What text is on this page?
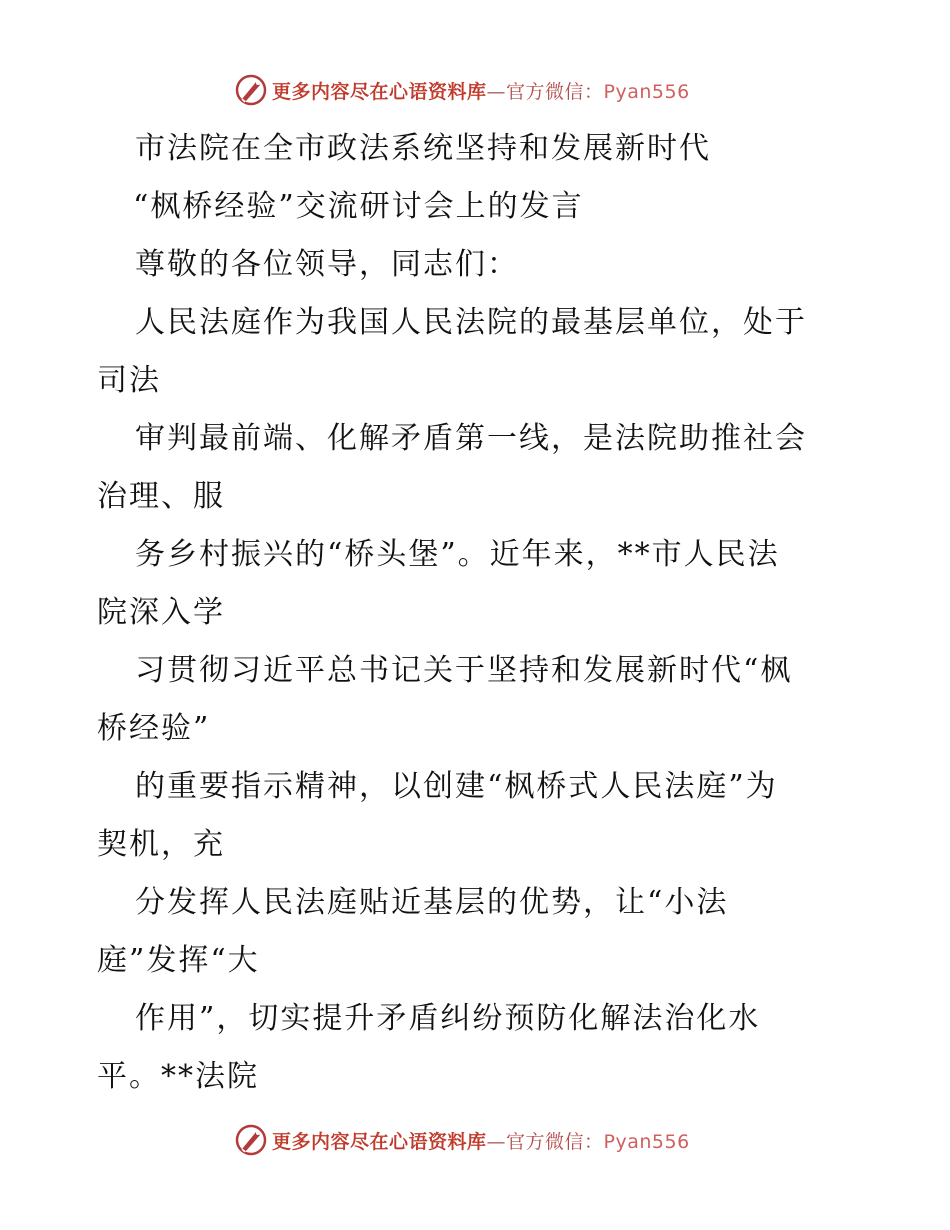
更多内容尽在心语资料库—官方微信：Pyan556
市法院在全市政法系统坚持和发展新时代
“枫桥经验”交流研讨会上的发言
尊敬的各位领导，同志们：
人民法庭作为我国人民法院的最基层单位，处于
司法
审判最前端、化解矛盾第一线，是法院助推社会
治理、服
务乡村振兴的“桥头堡”。近年来，**市人民法
院深入学
习贯彻习近平总书记关于坚持和发展新时代“枫
桥经验”
的重要指示精神，以创建“枫桥式人民法庭”为
契机，充
分发挥人民法庭贴近基层的优势，让“小法
庭”发挥“大
作用”，切实提升矛盾纠纷预防化解法治化水
平。**法院
更多内容尽在心语资料库—官方微信：Pyan556
